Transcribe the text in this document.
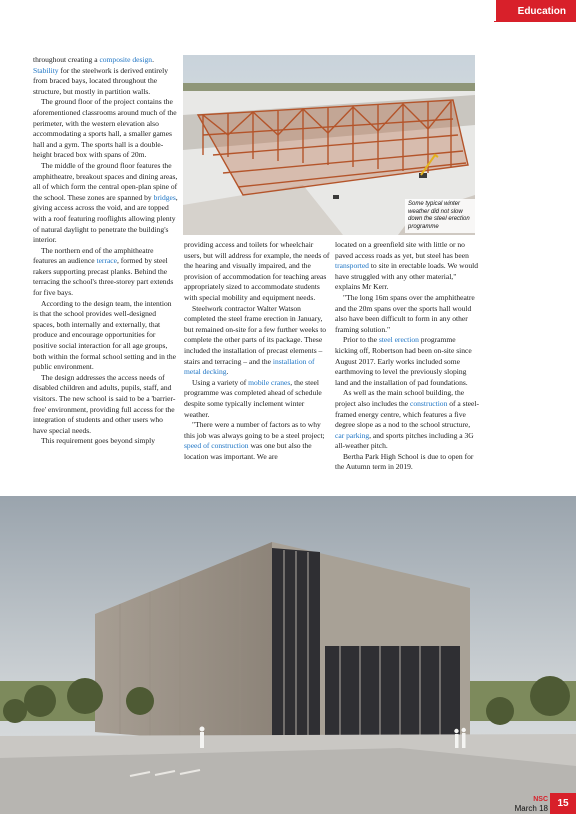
Education
Some typical winter weather did not slow down the steel erection programme

throughout creating a composite design.

Stability for the steelwork is derived entirely from braced bays, located throughout the structure, but mostly in partition walls.

The ground floor of the project contains the aforementioned classrooms around much of the perimeter, with the western elevation also accommodating a sports hall, a smaller games hall and a gym. The sports hall is a double-height braced box with spans of 20m.

The middle of the ground floor features the amphitheatre, breakout spaces and dining areas, all of which form the central open-plan spine of the school. These zones are spanned by bridges, giving access across the void, and are topped with a roof featuring rooflights allowing plenty of natural daylight to penetrate the building's interior.

The northern end of the amphitheatre features an audience terrace, formed by steel rakers supporting precast planks. Behind the terracing the school's three-storey part extends for five bays.

According to the design team, the intention is that the school provides well-designed spaces, both internally and externally, that produce and encourage opportunities for positive social interaction for all age groups, both within the formal school setting and in the public environment.

The design addresses the access needs of disabled children and adults, pupils, staff, and visitors. The new school is said to be a 'barrier-free' environment, providing full access for the integration of students and other users who have special needs.

This requirement goes beyond simply

providing access and toilets for wheelchair users, but will address for example, the needs of the hearing and visually impaired, and the provision of accommodation for teaching areas appropriately sized to accommodate students with special mobility and equipment needs.

Steelwork contractor Walter Watson completed the steel frame erection in January, but remained on-site for a few further weeks to complete the other parts of its package. These included the installation of precast elements – stairs and terracing – and the installation of metal decking.

Using a variety of mobile cranes, the steel programme was completed ahead of schedule despite some typically inclement winter weather.

"There were a number of factors as to why this job was always going to be a steel project; speed of construction was one but also the location was important. We are

located on a greenfield site with little or no paved access roads as yet, but steel has been transported to site in erectable loads. We would have struggled with any other material," explains Mr Kerr.

"The long 16m spans over the amphitheatre and the 20m spans over the sports hall would also have been difficult to form in any other framing solution."

Prior to the steel erection programme kicking off, Robertson had been on-site since August 2017. Early works included some earthmoving to level the previously sloping land and the installation of pad foundations.

As well as the main school building, the project also includes the construction of a steel-framed energy centre, which features a five degree slope as a nod to the school structure, car parking, and sports pitches including a 3G all-weather pitch.

Bertha Park High School is due to open for the Autumn term in 2019.

NSC
March 18 15
